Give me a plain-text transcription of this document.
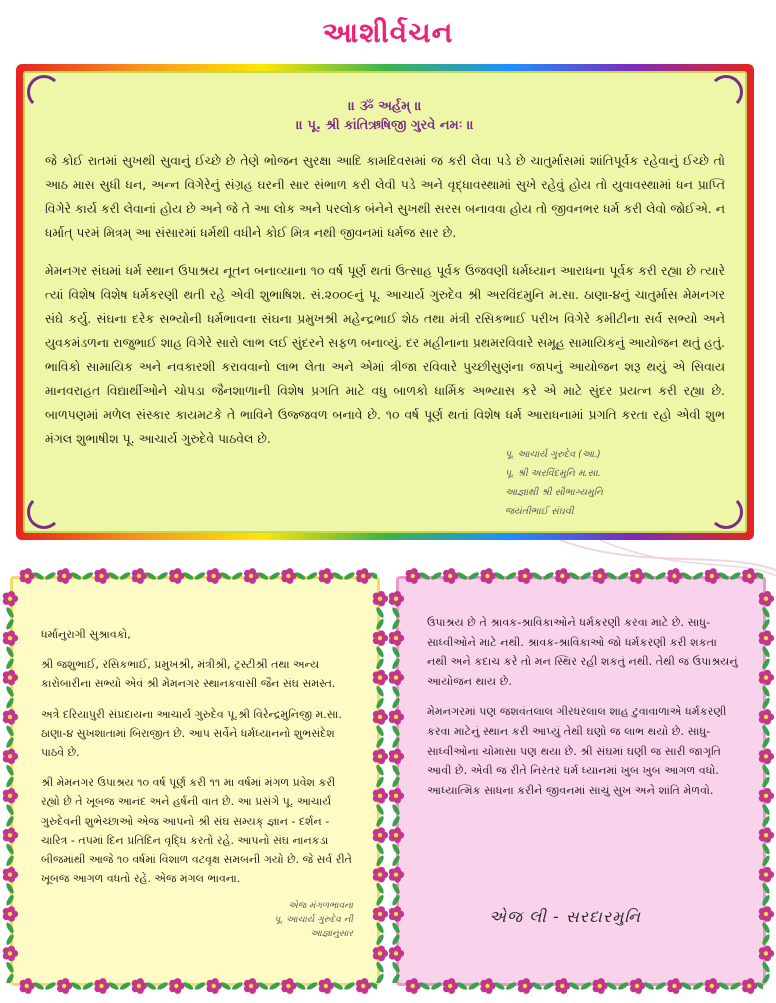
આશીર્વચન
॥ ૐ અર્હમ્ ॥
॥ પૂ. શ્રી કાંતિઋષિજી ગુરવે નમઃ ॥

જે કોઈ રાતમાં સુખથી સુવાનું ઈચ્છે છે તેણે ભોજન સુરક્ષા આદિ કામદિવસમાં જ કરી લેવા પડે છે ચાતુર્માસમાં શાંતિપૂર્વક રહેવાનું ઈચ્છે તો આઠ માસ સુધી ધન, અન્ન વિગેરેનું સંગ્રહ ઘરની સાર સંભાળ કરી લેવી પડે અને વૃદ્ધાવસ્થામાં સુખે રહેવું હોય તો યુવાવસ્થામાં ધન પ્રાપ્તિ વિગેરે કાર્ય કરી લેવાનાં હોય છે અને જે તે આ લોક અને પરલોક બંનેને સુખથી સરસ બનાવવા હોય તો જીવનભર ધર્મ કરી લેવો જોઈએ. ન ધર્માત્ પરમં મિત્રમ્ આ સંસારમાં ધર્મથી વધીને કોઈ મિત્ર નથી જીવનમાં ધર્મજ સાર છે.

મેમનગર સંઘમાં ધર્મ સ્થાન ઉપાશ્રય નૂતન બનાવ્યાના ૧૦ વર્ષ પૂર્ણ થતાં ઉત્સાહ પૂર્વક ઉજવણી ધર્મધ્યાન આરાધના પૂર્વક કરી રહ્યા છે ત્યારે ત્યાં વિશેષ વિશેષ ધર્મકરણી થતી રહે એવી શુભાષિશ. સં.૨૦૦૯નું પૂ. આચાર્ય ગુરુદેવ શ્રી અરવિંદમુનિ મ.સા. ઠાણા-૪નું ચાતુર્માસ મેમનગર સંઘે કર્યુ. સંઘના દરેક સભ્યોની ધર્મભાવના સંઘના પ્રમુખશ્રી મહેન્દ્રભાઈ શેઠ તથા મંત્રી રસિકભાઈ પરીખ વિગેરે કમીટીના સર્વ સભ્યો અને યુવકમંડળના રાજુભાઈ શાહ વિગેરે સારો લાભ લઈ સુંદરને સફળ બનાવ્યું. દર મહીનાના પ્રથમરવિવારે સમૂહ સામાયિકનું આયોજન થતું હતું. ભાવિકો સામાયિક અને નવકારશી કરાવવાનો લાભ લેતા અને એમાં ત્રીજા રવિવારે પુચ્છીસુણંના જાપનું આયોજન શરૂ થયું એ સિવાય માનવરાહત વિદ્યાર્થીઓને ચોપડા જૈનશાળાની વિશેષ પ્રગતિ માટે વધુ બાળકો ધાર્મિક અભ્યાસ કરે એ માટે સુંદર પ્રયત્ન કરી રહ્યા છે. બાળપણમાં મળેલ સંસ્કાર કાયમટકે તે ભાવિને ઉજ્જવળ બનાવે છે. ૧૦ વર્ષ પૂર્ણ થતાં વિશેષ ધર્મ આરાધનામાં પ્રગતિ કરતા રહો એવી શુભ મંગલ શુભાષીશ પૂ. આચાર્ય ગુરુદેવે પાઠવેલ છે.

પૂ. આચાર્ય ગુરુદેવ (આ.)
પૂ. શ્રી અરવિંદમુનિ મ.સા.
આજ્ઞાથી શ્રી સૌભાગ્યમુનિ
જયંતીભાઈ સંઘવી

ધર્માનુરાગી સુશ્રાવકો,

શ્રી જશુભાઈ, રસિકભાઈ, પ્રમુખશ્રી, મંત્રીશ્રી, ટ્રસ્ટીશ્રી તથા અન્ય કારોબારીના સભ્યો એવં શ્રી મેમનગર સ્થાનકવાસી જૈન સંઘ સમસ્ત.

અત્રે દરિયાપુરી સંપ્રદાયના આચાર્ય ગુરુદેવ પૂ.શ્રી વિરેન્દ્રમુનિજી મ.સા. ઠાણા-૪ સુખશાતામાં બિરાજીત છે. આપ સર્વેને ધર્મધ્યાનનો શુભસંદેશ પાઠવે છે.

શ્રી મેમનગર ઉપાશ્રય ૧૦ વર્ષ પૂર્ણ કરી ૧૧ મા વર્ષમાં મંગળ પ્રવેશ કરી રહ્યો છે તે ખૂબજ આનંદ અને હર્ષની વાત છે. આ પ્રસંગે પૂ. આચાર્ય ગુરુદેવની શુભેચ્છાઓ એજ આપનો શ્રી સંઘ સમ્યક્ જ્ઞાન - દર્શન - ચારિત્ર - તપમાં દિન પ્રતિદિન વૃદ્ધિ કરતો રહે. આપનો સંઘ નાનકડા બીજમાંથી આજે ૧૦ વર્ષમાં વિશાળ વટવૃક્ષ સમબની ગયો છે. જે સર્વ રીતે ખૂબજ આગળ વધતો રહે. એજ મંગલ ભાવના.

એજ મંગળભાવના
પૂ. આચાર્ય ગુરુદેવ ની
આજ્ઞાનુસાર

ઉપાશ્રય છે તે શ્રાવક-શ્રાવિકાઓને ધર્મકરણી કરવા માટે છે. સાધુ-સાધ્વીઓને માટે નથી. શ્રાવક-શ્રાવિકાઓ જો ધર્મકરણી કરી શકતા નથી અને કદાચ કરે તો મન સ્થિર રહી શકતું નથી. તેથી જ ઉપાશ્રયનું આયોજન થાય છે.

મેમનગરમાં પણ જશવંતલાલ ગીરધરલાલ શાહ ટુવાવાળાએ ધર્મકરણી કરવા માટેનું સ્થાન કરી આપ્યું તેથી ઘણો જ લાભ થયો છે. સાધુ-સાધ્વીઓના ચોમાસા પણ થયા છે. શ્રી સંઘમાં ઘણી જ સારી જાગૃતિ આવી છે. એવી જ રીતે નિરંતર ધર્મ ધ્યાનમાં ખુબ ખુબ આગળ વધો. આધ્યાત્મિક સાધના કરીને જીવનમાં સાચું સુખ અને શાંતિ મેળવો.

એજ લી - સરદારમુનિ
